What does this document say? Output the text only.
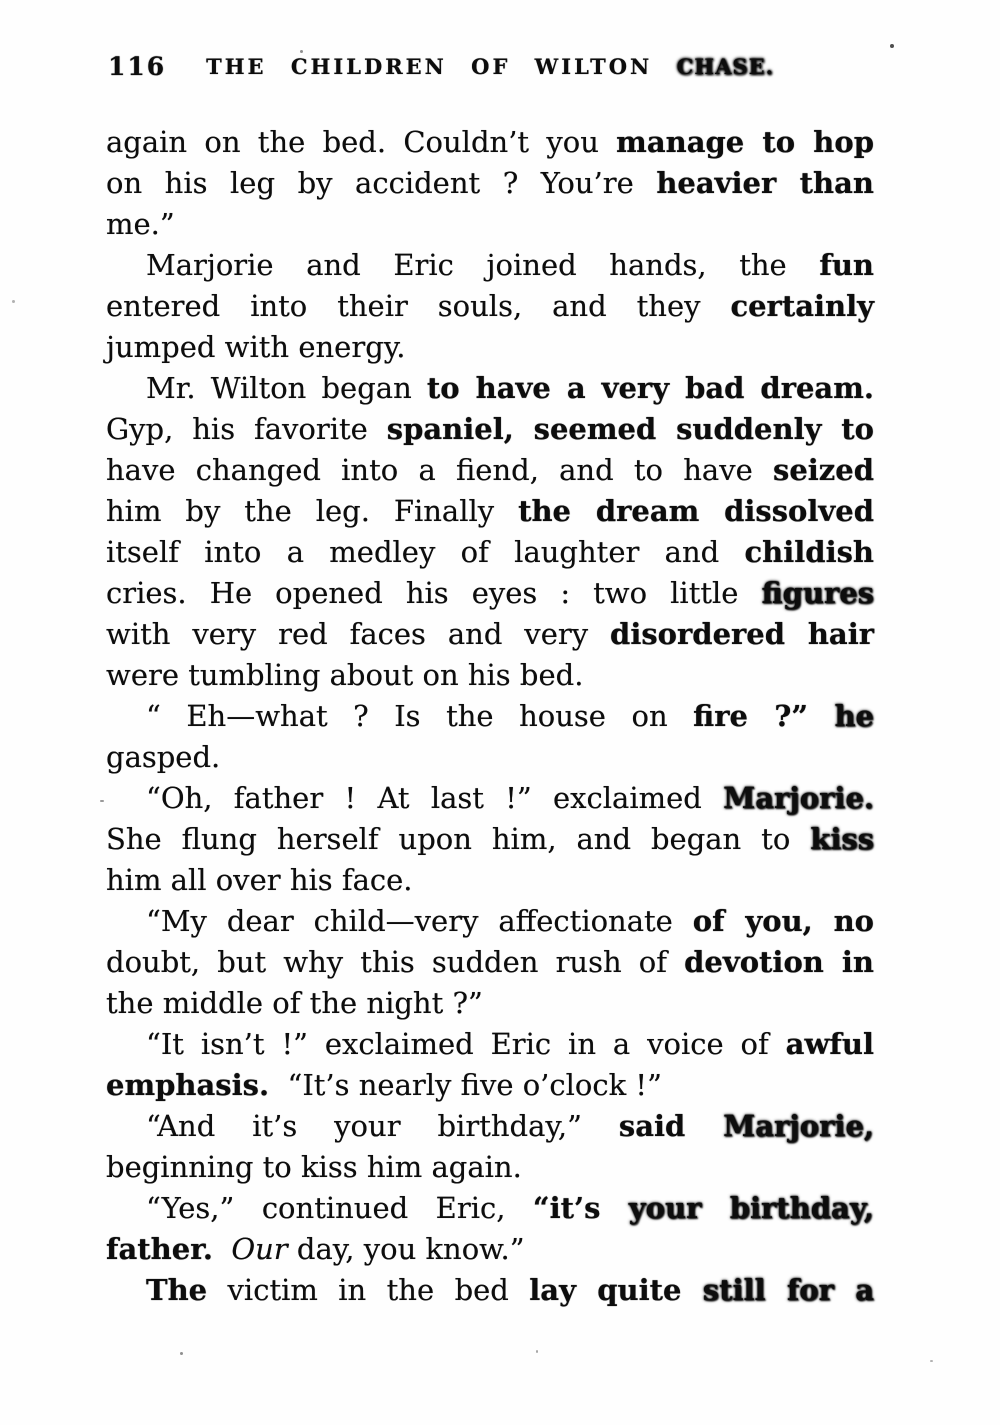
116	THE CHILDREN OF WILTON CHASE.
again on the bed. Couldn’t you manage to hop
on his leg by accident ? You’re heavier than
me.”
Marjorie and Eric joined hands, the fun
entered into their souls, and they certainly
jumped with energy.
Mr. Wilton began to have a very bad dream.
Gyp, his favorite spaniel, seemed suddenly to
have changed into a fiend, and to have seized
him by the leg. Finally the dream dissolved
itself into a medley of laughter and childish
cries. He opened his eyes : two little figures
with very red faces and very disordered hair
were tumbling about on his bed.
“ Eh—what ? Is the house on fire ?” he
gasped.
“Oh, father ! At last !” exclaimed Marjorie.
She flung herself upon him, and began to kiss
him all over his face.
“My dear child—very affectionate of you, no
doubt, but why this sudden rush of devotion in
the middle of the night ?”
“It isn’t !” exclaimed Eric in a voice of awful
emphasis.  “It’s nearly five o’clock !”
“And it’s your birthday,” said Marjorie,
beginning to kiss him again.
“Yes,” continued Eric, “it’s your birthday,
father. Our day, you know.”
The victim in the bed lay quite still for a
